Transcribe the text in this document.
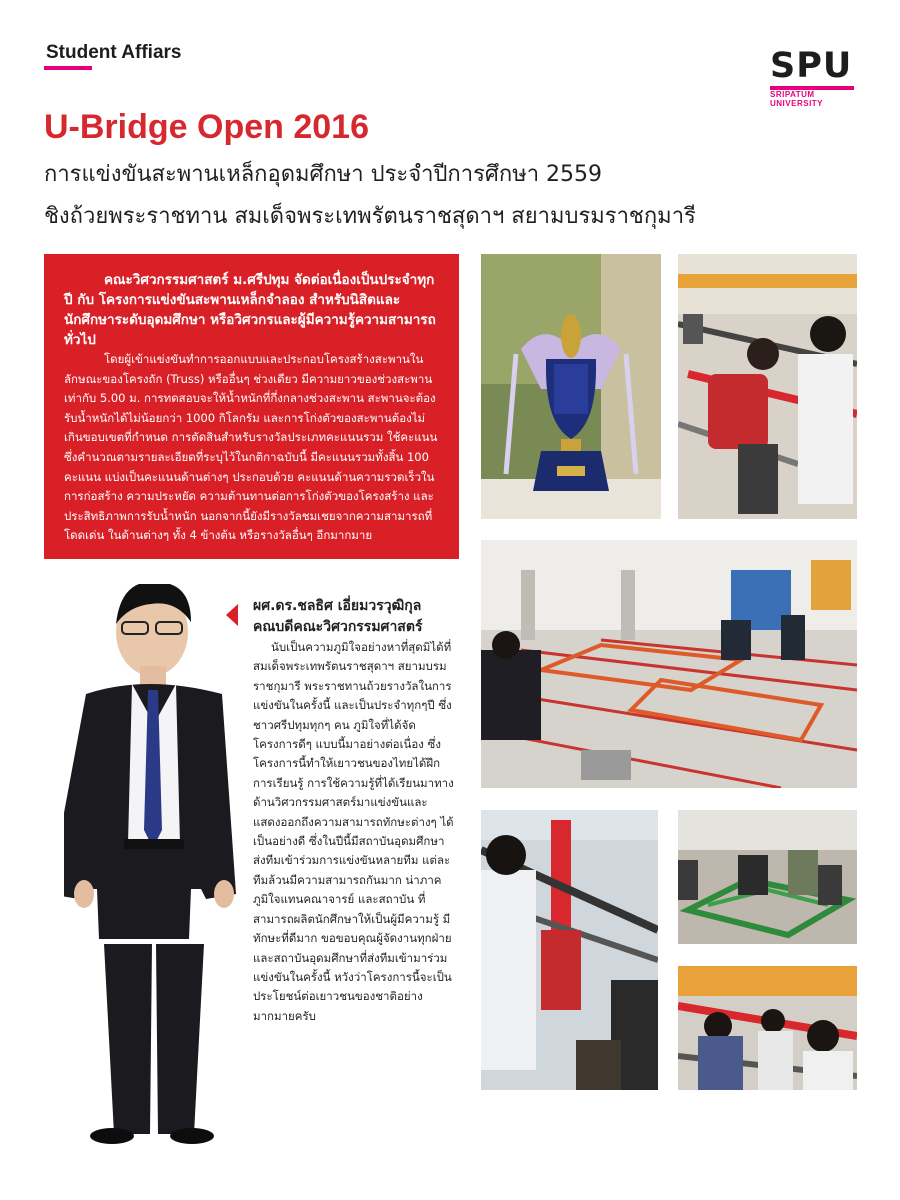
Student Affiars	SPU
SRIPATUM
UNIVERSITY
U-Bridge Open 2016
การแข่งขันสะพานเหล็กอุดมศึกษา ประจำปีการศึกษา 2559
ชิงถ้วยพระราชทาน สมเด็จพระเทพรัตนราชสุดาฯ สยามบรมราชกุมารี

คณะวิศวกรรมศาสตร์ ม.ศรีปทุม จัดต่อเนื่องเป็นประจำทุกปี กับ โครงการแข่งขันสะพานเหล็กจำลอง สำหรับนิสิตและนักศึกษาระดับอุดมศึกษา หรือวิศวกรและผู้มีความรู้ความสามารถทั่วไป

โดยผู้เข้าแข่งขันทำการออกแบบและประกอบโครงสร้างสะพานในลักษณะของโครงถัก (Truss) หรืออื่นๆ ช่วงเดียว มีความยาวของช่วงสะพานเท่ากับ 5.00 ม. การทดสอบจะให้น้ำหนักที่กึ่งกลางช่วงสะพาน สะพานจะต้องรับน้ำหนักได้ไม่น้อยกว่า 1000 กิโลกรัม และการโก่งตัวของสะพานต้องไม่เกินขอบเขตที่กำหนด การตัดสินสำหรับรางวัลประเภทคะแนนรวม ใช้คะแนนซึ่งคำนวณตามรายละเอียดที่ระบุไว้ในกติกาฉบับนี้ มีคะแนนรวมทั้งสิ้น 100 คะแนน แบ่งเป็นคะแนนด้านต่างๆ ประกอบด้วย คะแนนด้านความรวดเร็วในการก่อสร้าง ความประหยัด ความต้านทานต่อการโก่งตัวของโครงสร้าง และประสิทธิภาพการรับน้ำหนัก นอกจากนี้ยังมีรางวัลชมเชยจากความสามารถที่โดดเด่น ในด้านต่างๆ ทั้ง 4 ข้างต้น หรือรางวัลอื่นๆ อีกมากมาย

ผศ.ดร.ชลธิศ เอี่ยมวรวุฒิกุล
คณบดีคณะวิศวกรรมศาสตร์

นับเป็นความภูมิใจอย่างหาที่สุดมิได้ที่สมเด็จพระเทพรัตนราชสุดาฯ สยามบรมราชกุมารี พระราชทานถ้วยรางวัลในการแข่งขันในครั้งนี้ และเป็นประจำทุกๆปี ซึ่งชาวศรีปทุมทุกๆ คน ภูมิใจที่ได้จัดโครงการดีๆ แบบนี้มาอย่างต่อเนื่อง ซึ่งโครงการนี้ทำให้เยาวชนของไทยได้ฝึกการเรียนรู้ การใช้ความรู้ที่ได้เรียนมาทางด้านวิศวกรรมศาสตร์มาแข่งขันและแสดงออกถึงความสามารถทักษะต่างๆ ได้เป็นอย่างดี ซึ่งในปีนี้มีสถาบันอุดมศึกษาส่งทีมเข้าร่วมการแข่งขันหลายทีม แต่ละทีมล้วนมีความสามารถกันมาก น่าภาคภูมิใจแทนคณาจารย์ และสถาบัน ที่สามารถผลิตนักศึกษาให้เป็นผู้มีความรู้ มีทักษะที่ดีมาก ขอขอบคุณผู้จัดงานทุกฝ่าย และสถาบันอุดมศึกษาที่ส่งทีมเข้ามาร่วมแข่งขันในครั้งนี้ หวังว่าโครงการนี้จะเป็นประโยชน์ต่อเยาวชนของชาติอย่างมากมายครับ
